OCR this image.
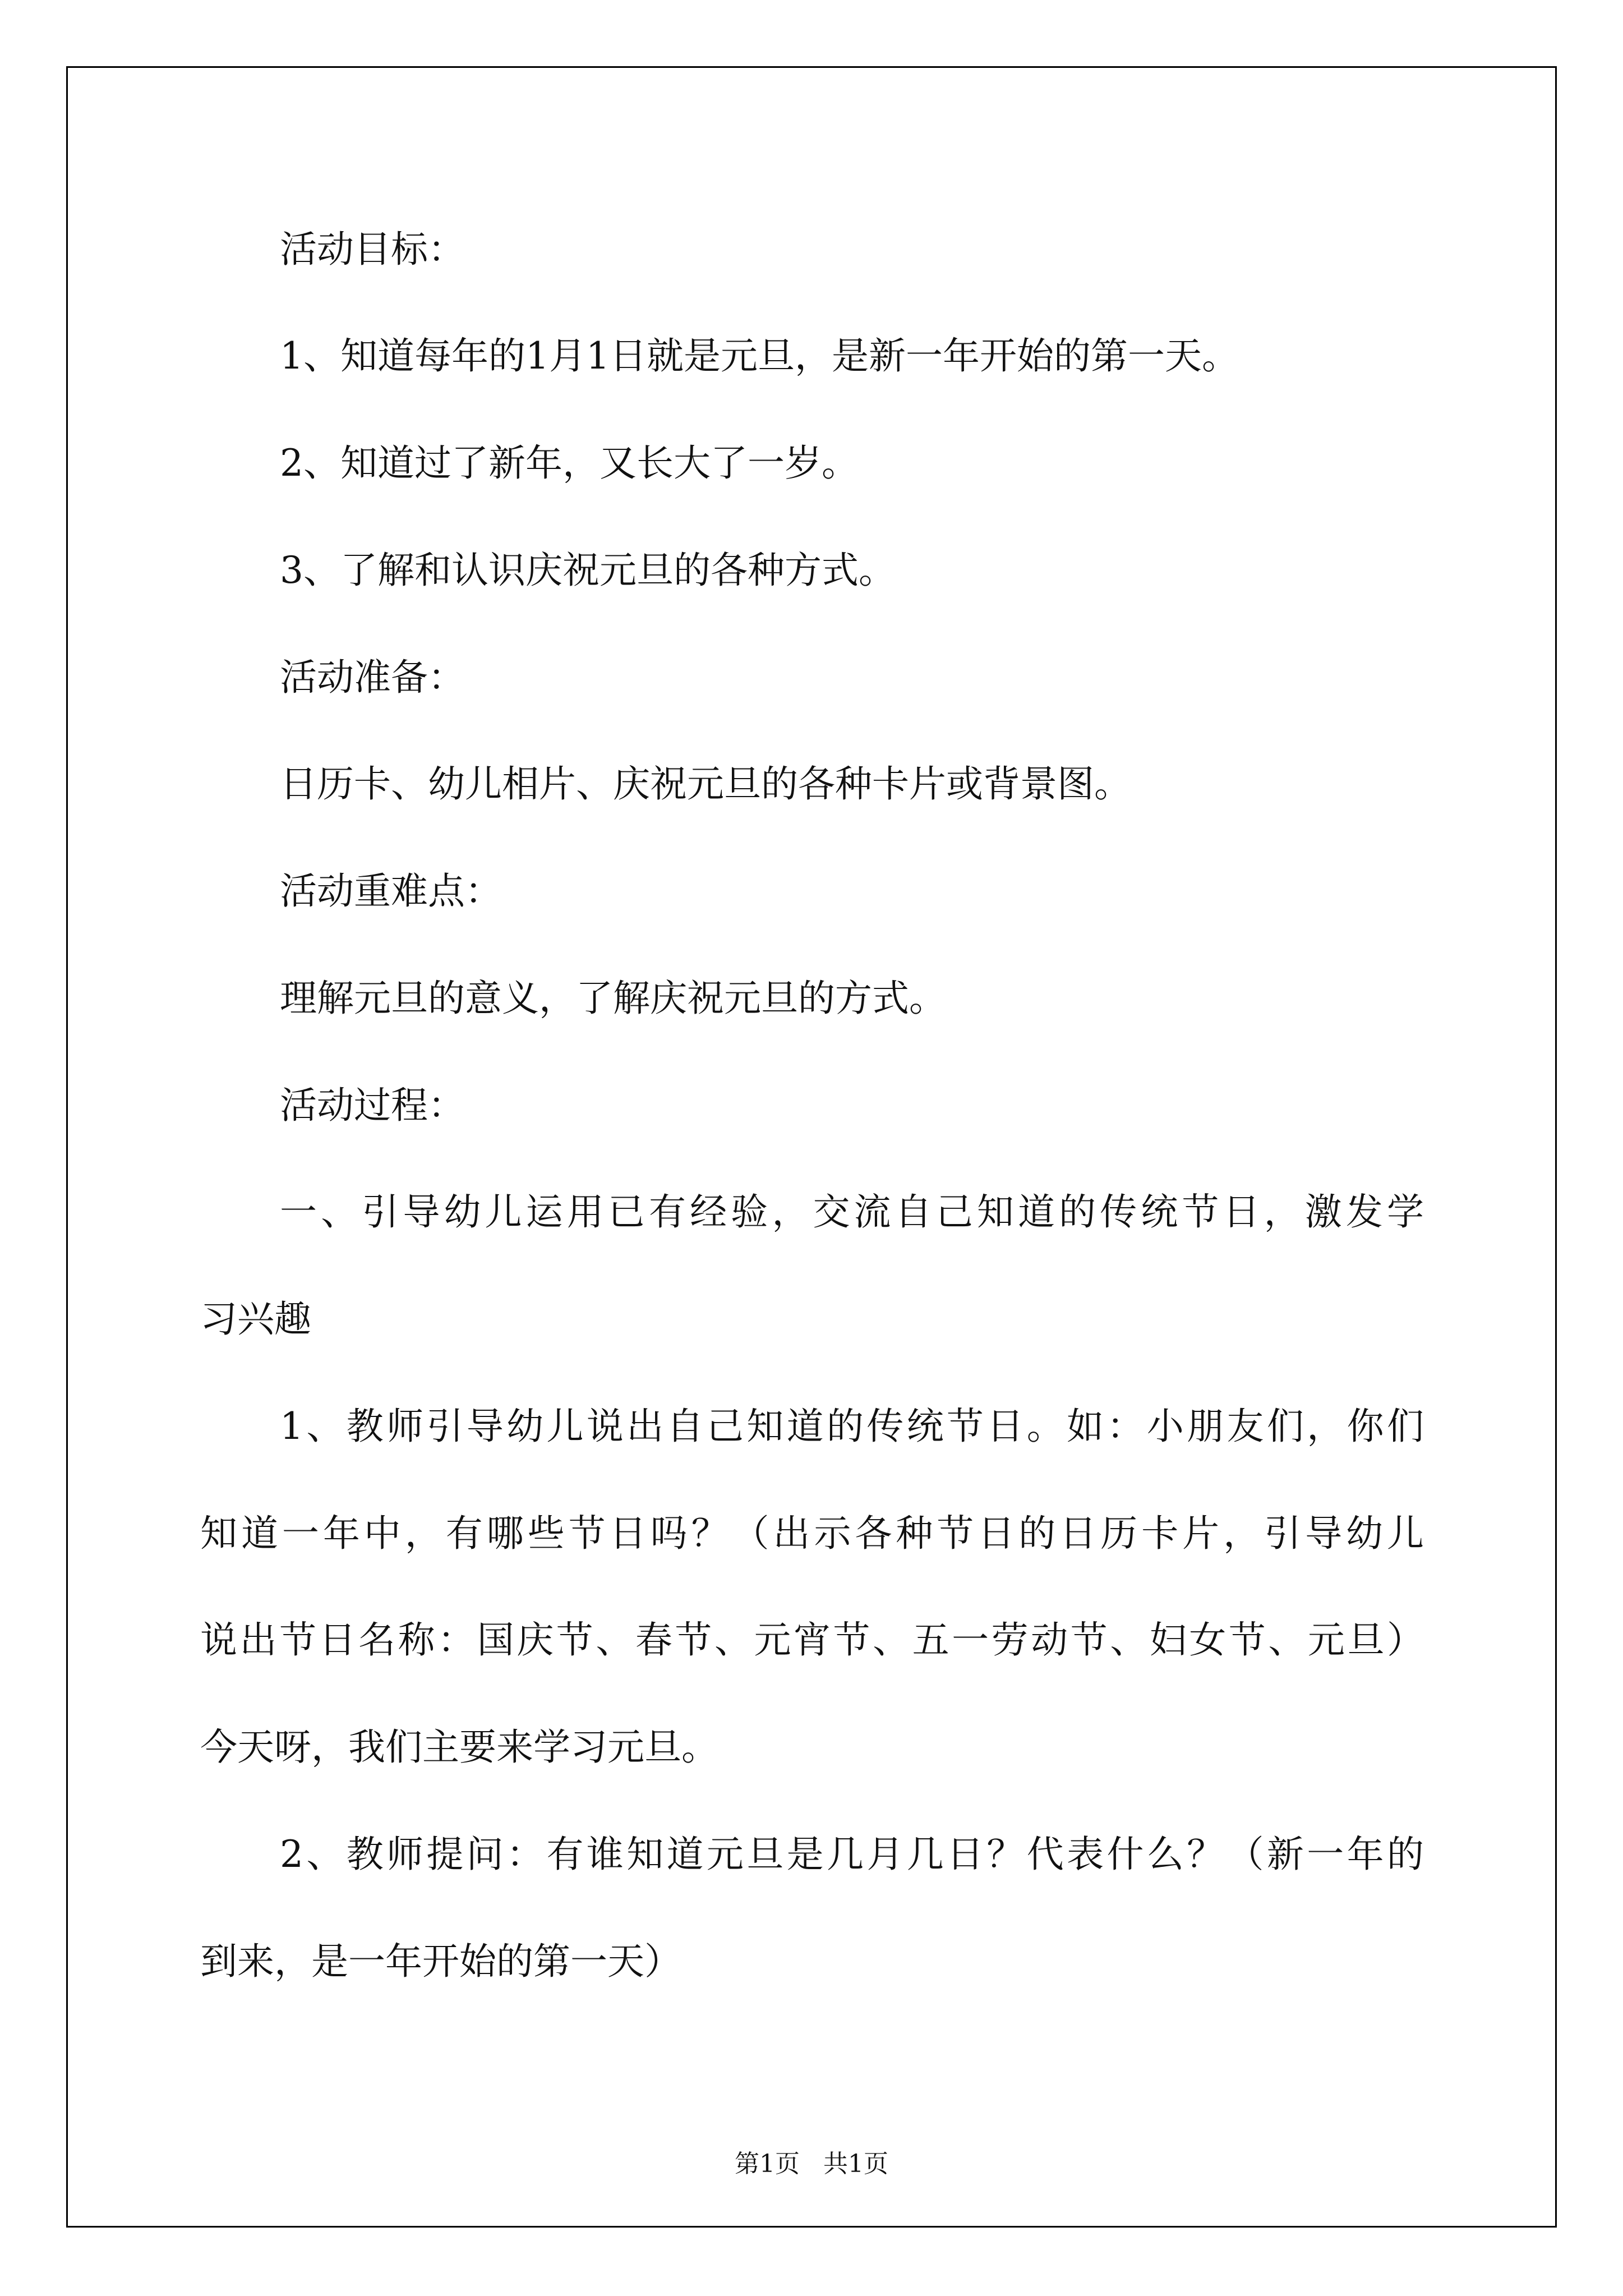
活动目标：
1、知道每年的1月1日就是元旦，是新一年开始的第一天。
2、知道过了新年，又长大了一岁。
3、了解和认识庆祝元旦的各种方式。
活动准备：
日历卡、幼儿相片、庆祝元旦的各种卡片或背景图。
活动重难点：
理解元旦的意义，了解庆祝元旦的方式。
活动过程：
一、引导幼儿运用已有经验，交流自己知道的传统节日，激发学
习兴趣
1、教师引导幼儿说出自己知道的传统节日。如：小朋友们，你们
知道一年中，有哪些节日吗？（出示各种节日的日历卡片，引导幼儿
说出节日名称：国庆节、春节、元宵节、五一劳动节、妇女节、元旦）
今天呀，我们主要来学习元旦。
2、教师提问：有谁知道元旦是几月几日？代表什么？（新一年的
到来，是一年开始的第一天）
第1页 共1页
